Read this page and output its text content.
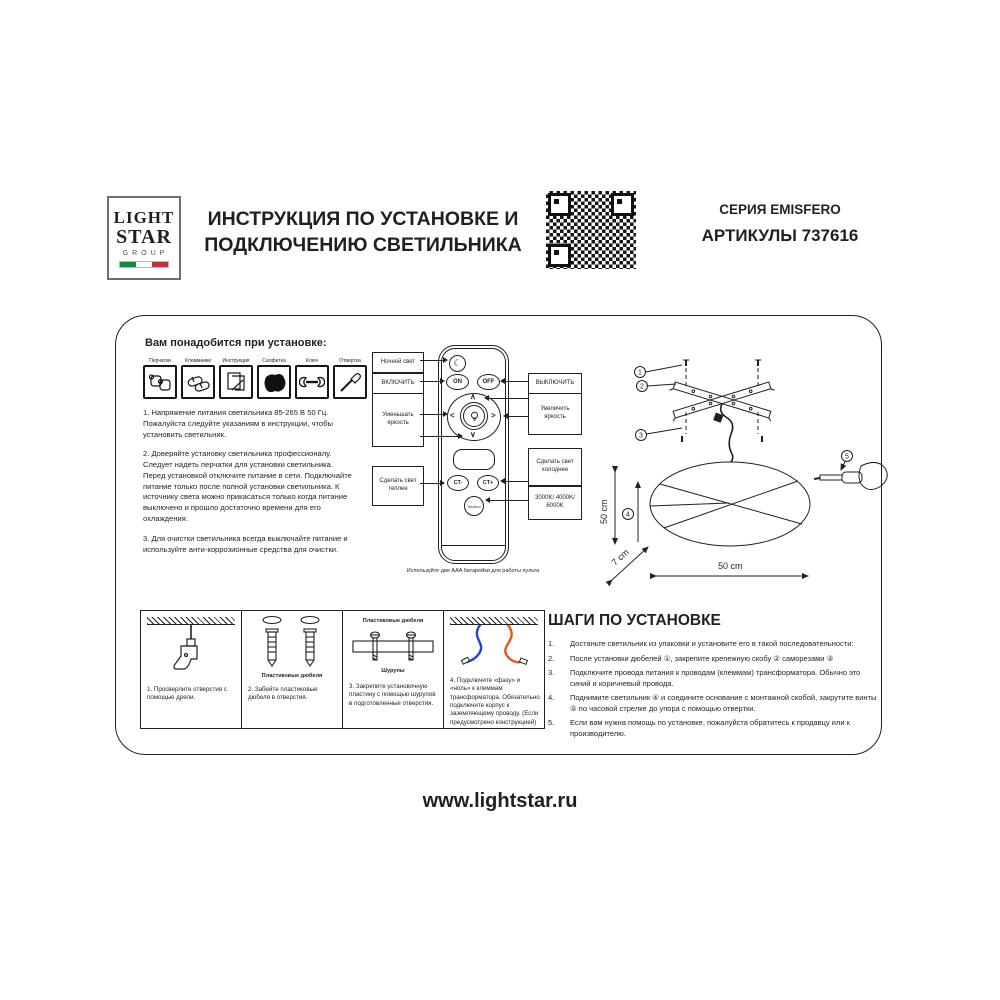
LIGHT
STAR
GROUP
ИНСТРУКЦИЯ ПО УСТАНОВКЕ И
ПОДКЛЮЧЕНИЮ СВЕТИЛЬНИКА
СЕРИЯ EMISFERO
АРТИКУЛЫ 737616
Вам понадобится при установке:
Перчатки	Клеммники Инструкция	Салфетка	Ключ	Отвертка

1. Напряжение питания светильника 85-265 В 50 Гц. Пожалуйста следуйте указаниям в инструкции, чтобы установить светильник.

2. Доверяйте установку светильника профессионалу. Следует надеть перчатки для установки светильника. Перед установкой отключите питание в сети. Подключайте питание только после полной установки светильника. К источнику света можно прикасаться только когда питание выключено и прошло достаточно времени для его охлаждения.

3. Для очистки светильника всегда выключайте питание и используйте анти-коррозионные средства для очистки.

☾
ON	OFF
<	>
∧
∨
CT-	CT+
Section
Используйте две AAA батарейки для работы пульта
Ночной свет
ВКЛЮЧИТЬ
Уменьшать яркость
Сделать свет теплее
ВЫКЛЮЧИТЬ
Увеличить яркость
Сделать свет холоднее
3000K/ 4000K/ 6000K
1
2
3
5
50 cm 4
7 cm	50 cm
1. Просверлите отверстия с помощью дрели.
Пластиковые дюбеля
2. Забейте пластиковые дюбеля в отверстия.
Пластиковые дюбеля
Шурупы
3. Закрепите установочную пластину с помощью шурупов в подготовленные отверстия.
4. Подключите «фазу» и «ноль» к клеммам трансформатора. Обязательно подключите корпус к заземляющему проводу. (Если предусмотрено конструкцией)
ШАГИ ПО УСТАНОВКЕ
1.	Достаньте светильник из упаковки и установите его в такой последовательности:
2.	После установки дюбелей ①, закрепите крепежную скобу ② саморезами ③
3.	Подключите провода питания к проводам (клеммам) трансформатора. Обычно это синий и коричневый провода.
4.	Поднимите светильник ④ и соедините основание с монтажной скобой, закрутите винты ⑤ по часовой стрелке до упора с помощью отвертки.
5.	Если вам нужна помощь по установке, пожалуйста обратитесь к продавцу или к производителю.
www.lightstar.ru
